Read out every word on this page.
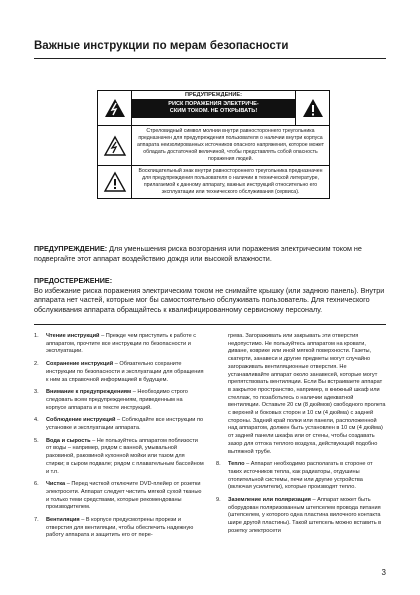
Важные инструкции по мерам безопасности
ПРЕДУПРЕЖДЕНИЕ:
РИСК ПОРАЖЕНИЯ ЭЛЕКТРИЧЕ-
СКИМ ТОКОМ. НЕ ОТКРЫВАТЬ!
Стреловидный символ молнии внутри равностороннего треугольника предназначен для предупреждения пользователя о наличии внутри корпуса аппарата неизолированных источников опасного напряжения, которое может обладать достаточной величиной, чтобы представлять собой опасность поражения людей.
Восклицательный знак внутри равностороннего треугольника предназначен для предупреждения пользователя о наличии в технической литературе, прилагаемой к данному аппарату, важных инструкций относительно его эксплуатации или технического обслуживания (сервиса).
ПРЕДУПРЕЖДЕНИЕ: Для уменьшения риска возгорания или поражения электрическим током не подвергайте этот аппарат воздействию дождя или высокой влажности.
ПРЕДОСТЕРЕЖЕНИЕ:
Во избежание риска поражения электрическим током не снимайте крышку (или заднюю панель). Внутри аппарата нет частей, которые мог бы самостоятельно обслуживать пользователь. Для технического обслуживания аппарата обращайтесь к квалифицированному сервисному персоналу.
1. Чтение инструкций – Прежде чем приступить к работе с аппаратом, прочтите все инструкции по безопасности и эксплуатации.
2. Сохранение инструкций – Обязательно сохраните инструкции по безопасности и эксплуатации для обращения к ним за справочной информацией в будущем.
3. Внимание к предупреждениям – Необходимо строго следовать всем предупреждениям, приведенным на корпусе аппарата и в тексте инструкций.
4. Соблюдение инструкций – Соблюдайте все инструкции по установке и эксплуатации аппарата.
5. Вода и сырость – Не пользуйтесь аппаратом поблизости от воды – например, рядом с ванной, умывальной раковиной, раковиной кухонной мойки или тазом для стирки; в сыром подвале; рядом с плавательным бассейном и т.п.
6. Чистка – Перед чисткой отключите DVD-плейер от розетки электросети. Аппарат следует чистить мягкой сухой тканью и только теми средствами, которые рекомендованы производителем.
7. Вентиляция – В корпусе предусмотрены прорези и отверстия для вентиляции, чтобы обеспечить надежную работу аппарата и защитить его от пере-
грева. Загораживать или закрывать эти отверстия недопустимо. Не пользуйтесь аппаратом на кровати, диване, коврике или иной мягкой поверхности. Газеты, скатерти, занавеси и другие предметы могут случайно загораживать вентиляционные отверстия. Не устанавливайте аппарат около занавесей, которые могут препятствовать вентиляции. Если Вы встраиваете аппарат в закрытое пространство, например, в книжный шкаф или стеллаж, то позаботьтесь о наличии адекватной вентиляции. Оставьте 20 см (8 дюймов) свободного пролета с верхней и боковых сторон и 10 см (4 дюйма) с задней стороны. Задний край полки или панели, расположенной над аппаратом, должен быть установлен в 10 см (4 дюйма) от задней панели шкафа или от стены, чтобы создавать зазор для оттока теплого воздуха, действующий подобно вытяжной трубе.
8. Тепло – Аппарат необходимо располагать в стороне от таких источников тепла, как радиаторы, отдушины отопительной системы, печи или другие устройства (включая усилители), которые производят тепло.
9. Заземление или поляризация – Аппарат может быть оборудован поляризованным штепселем провода питания (штепселем, у которого одна пластина вилочного контакта шире другой пластины). Такой штепсель можно вставить в розетку электросети
3
